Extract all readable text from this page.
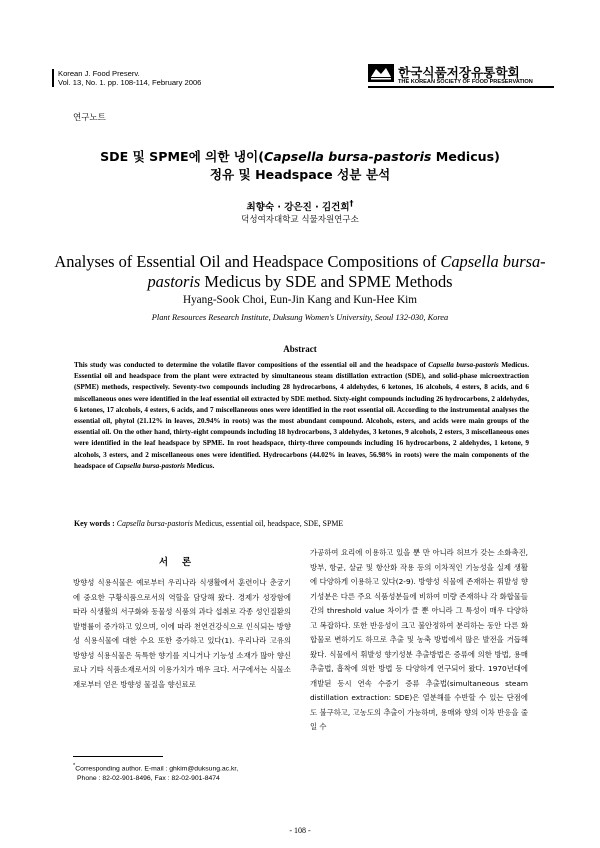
Korean J. Food Preserv.
Vol. 13, No. 1. pp. 108-114, February 2006
한국식품저장유통학회
THE KOREAN SOCIETY OF FOOD PRESERVATION
연구노트
SDE 및 SPME에 의한 냉이(Capsella bursa-pastoris Medicus)
정유 및 Headspace 성분 분석
최향숙 · 강은진 · 김건희†
덕성여자대학교 식물자원연구소
Analyses of Essential Oil and Headspace Compositions of Capsella bursa-pastoris Medicus by SDE and SPME Methods
Hyang-Sook Choi, Eun-Jin Kang and Kun-Hee Kim
Plant Resources Research Institute, Duksung Women's University, Seoul 132-030, Korea
Abstract
This study was conducted to determine the volatile flavor compositions of the essential oil and the headspace of Capsella bursa-pastoris Medicus. Essential oil and headspace from the plant were extracted by simultaneous steam distillation extraction (SDE), and solid-phase microextraction (SPME) methods, respectively. Seventy-two compounds including 28 hydrocarbons, 4 aldehydes, 6 ketones, 16 alcohols, 4 esters, 8 acids, and 6 miscellaneous ones were identified in the leaf essential oil extracted by SDE method. Sixty-eight compounds including 26 hydrocarbons, 2 aldehydes, 6 ketones, 17 alcohols, 4 esters, 6 acids, and 7 miscellaneous ones were identified in the root essential oil. According to the instrumental analyses the essential oil, phytol (21.12% in leaves, 20.94% in roots) was the most abundant compound. Alcohols, esters, and acids were main groups of the essential oil. On the other hand, thirty-eight compounds including 18 hydrocarbons, 3 aldehydes, 3 ketones, 9 alcohols, 2 esters, 3 miscellaneous ones were identified in the leaf headspace by SPME. In root headspace, thirty-three compounds including 16 hydrocarbons, 2 aldehydes, 1 ketone, 9 alcohols, 3 esters, and 2 miscellaneous ones were identified. Hydrocarbons (44.02% in leaves, 56.98% in roots) were the main components of the headspace of Capsella bursa-pastoris Medicus.
Key words : Capsella bursa-pastoris Medicus, essential oil, headspace, SDE, SPME
서론
방향성 식용식물은 예로부터 우리나라 식생활에서 훈련이나 춘궁기에 중요한 구황식품으로서의 역할을 담당해 왔다. 경제가 성장함에 따라 식생활의 서구화와 동물성 식품의 과다 섭취로 각종 성인질환의 발병률이 증가하고 있으며, 이에 따라 천연건강식으로 인식되는 방향성 식용식물에 대한 수요 또한 증가하고 있다(1). 우리나라 고유의 방향성 식용식물은 독특한 향기를 지니거나 기능성 소재가 많아 향신료나 기타 식품소재로서의 이용가치가 매우 크다. 서구에서는 식물소재로부터 얻은 방향성 물질을 향신료로
가공하여 요리에 이용하고 있을 뿐 만 아니라 허브가 갖는 소화촉진, 방부, 항균, 살균 및 항산화 작용 등의 이차적인 기능성을 실제 생활에 다양하게 이용하고 있다(2-9). 방향성 식물에 존재하는 휘발성 향기성분은 다른 주요 식품성분들에 비하여 미량 존재하나 각 화합물들 간의 threshold value 차이가 클 뿐 아니라 그 특성이 매우 다양하고 복잡하다. 또한 반응성이 크고 불안정하여 분리하는 동안 다른 화합물로 변하기도 하므로 추출 및 농축 방법에서 많은 발전을 거듭해 왔다. 식물에서 휘발성 향기성분 추출방법은 증류에 의한 방법, 용매 추출법, 흡착에 의한 방법 등 다양하게 연구되어 왔다. 1970년대에 개발된 동시 연속 수증기 증류 추출법(simultaneous steam distillation extraction: SDE)은 열분해를 수반할 수 있는 단점에도 불구하고, 고농도의 추출이 가능하며, 용매와 향의 이차 반응을 줄일 수
*Corresponding author. E-mail : ghkim@duksung.ac.kr,
Phone : 82-02-901-8496, Fax : 82-02-901-8474
- 108 -
